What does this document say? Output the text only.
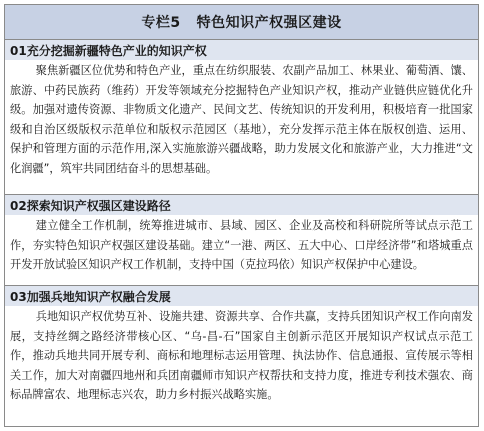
专栏5 特色知识产权强区建设
01充分挖掘新疆特色产业的知识产权
聚焦新疆区位优势和特色产业，重点在纺织服装、农副产品加工、林果业、葡萄酒、馕、旅游、中药民族药（维药）开发等领域充分挖掘特色产业知识产权，推动产业链供应链优化升级。加强对遗传资源、非物质文化遗产、民间文艺、传统知识的开发利用，积极培育一批国家级和自治区级版权示范单位和版权示范园区（基地），充分发挥示范主体在版权创造、运用、保护和管理方面的示范作用,深入实施旅游兴疆战略，助力发展文化和旅游产业，大力推进“文化润疆”，筑牢共同团结奋斗的思想基础。
02探索知识产权强区建设路径
建立健全工作机制，统筹推进城市、县域、园区、企业及高校和科研院所等试点示范工作，夯实特色知识产权强区建设基础。建立“一港、两区、五大中心、口岸经济带”和塔城重点开发开放试验区知识产权工作机制，支持中国（克拉玛依）知识产权保护中心建设。
03加强兵地知识产权融合发展
兵地知识产权优势互补、设施共建、资源共享、合作共赢，支持兵团知识产权工作向南发展，支持丝绸之路经济带核心区、“乌-昌-石”国家自主创新示范区开展知识产权试点示范工作，推动兵地共同开展专利、商标和地理标志运用管理、执法协作、信息通报、宣传展示等相关工作，加大对南疆四地州和兵团南疆师市知识产权帮扶和支持力度，推进专利技术强农、商标品牌富农、地理标志兴农，助力乡村振兴战略实施。
